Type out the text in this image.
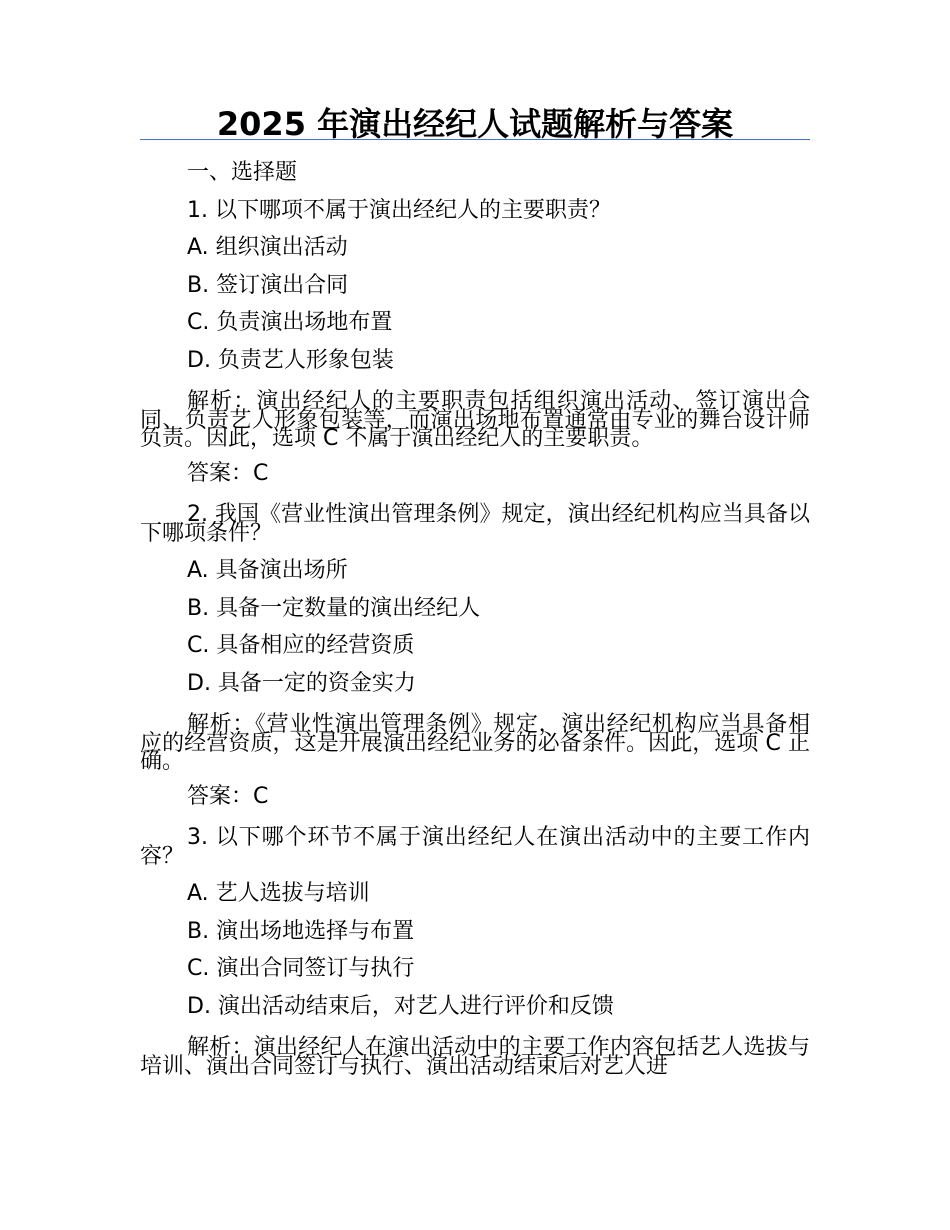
2025 年演出经纪人试题解析与答案

一、选择题

1. 以下哪项不属于演出经纪人的主要职责？

A. 组织演出活动

B. 签订演出合同

C. 负责演出场地布置

D. 负责艺人形象包装

解析：演出经纪人的主要职责包括组织演出活动、签订演出合同、负责艺人形象包装等，而演出场地布置通常由专业的舞台设计师负责。因此，选项 C 不属于演出经纪人的主要职责。

答案：C

2. 我国《营业性演出管理条例》规定，演出经纪机构应当具备以下哪项条件？

A. 具备演出场所

B. 具备一定数量的演出经纪人

C. 具备相应的经营资质

D. 具备一定的资金实力

解析：《营业性演出管理条例》规定，演出经纪机构应当具备相应的经营资质，这是开展演出经纪业务的必备条件。因此，选项 C 正确。

答案：C

3. 以下哪个环节不属于演出经纪人在演出活动中的主要工作内容？

A. 艺人选拔与培训

B. 演出场地选择与布置

C. 演出合同签订与执行

D. 演出活动结束后，对艺人进行评价和反馈

解析：演出经纪人在演出活动中的主要工作内容包括艺人选拔与培训、演出合同签订与执行、演出活动结束后对艺人进
